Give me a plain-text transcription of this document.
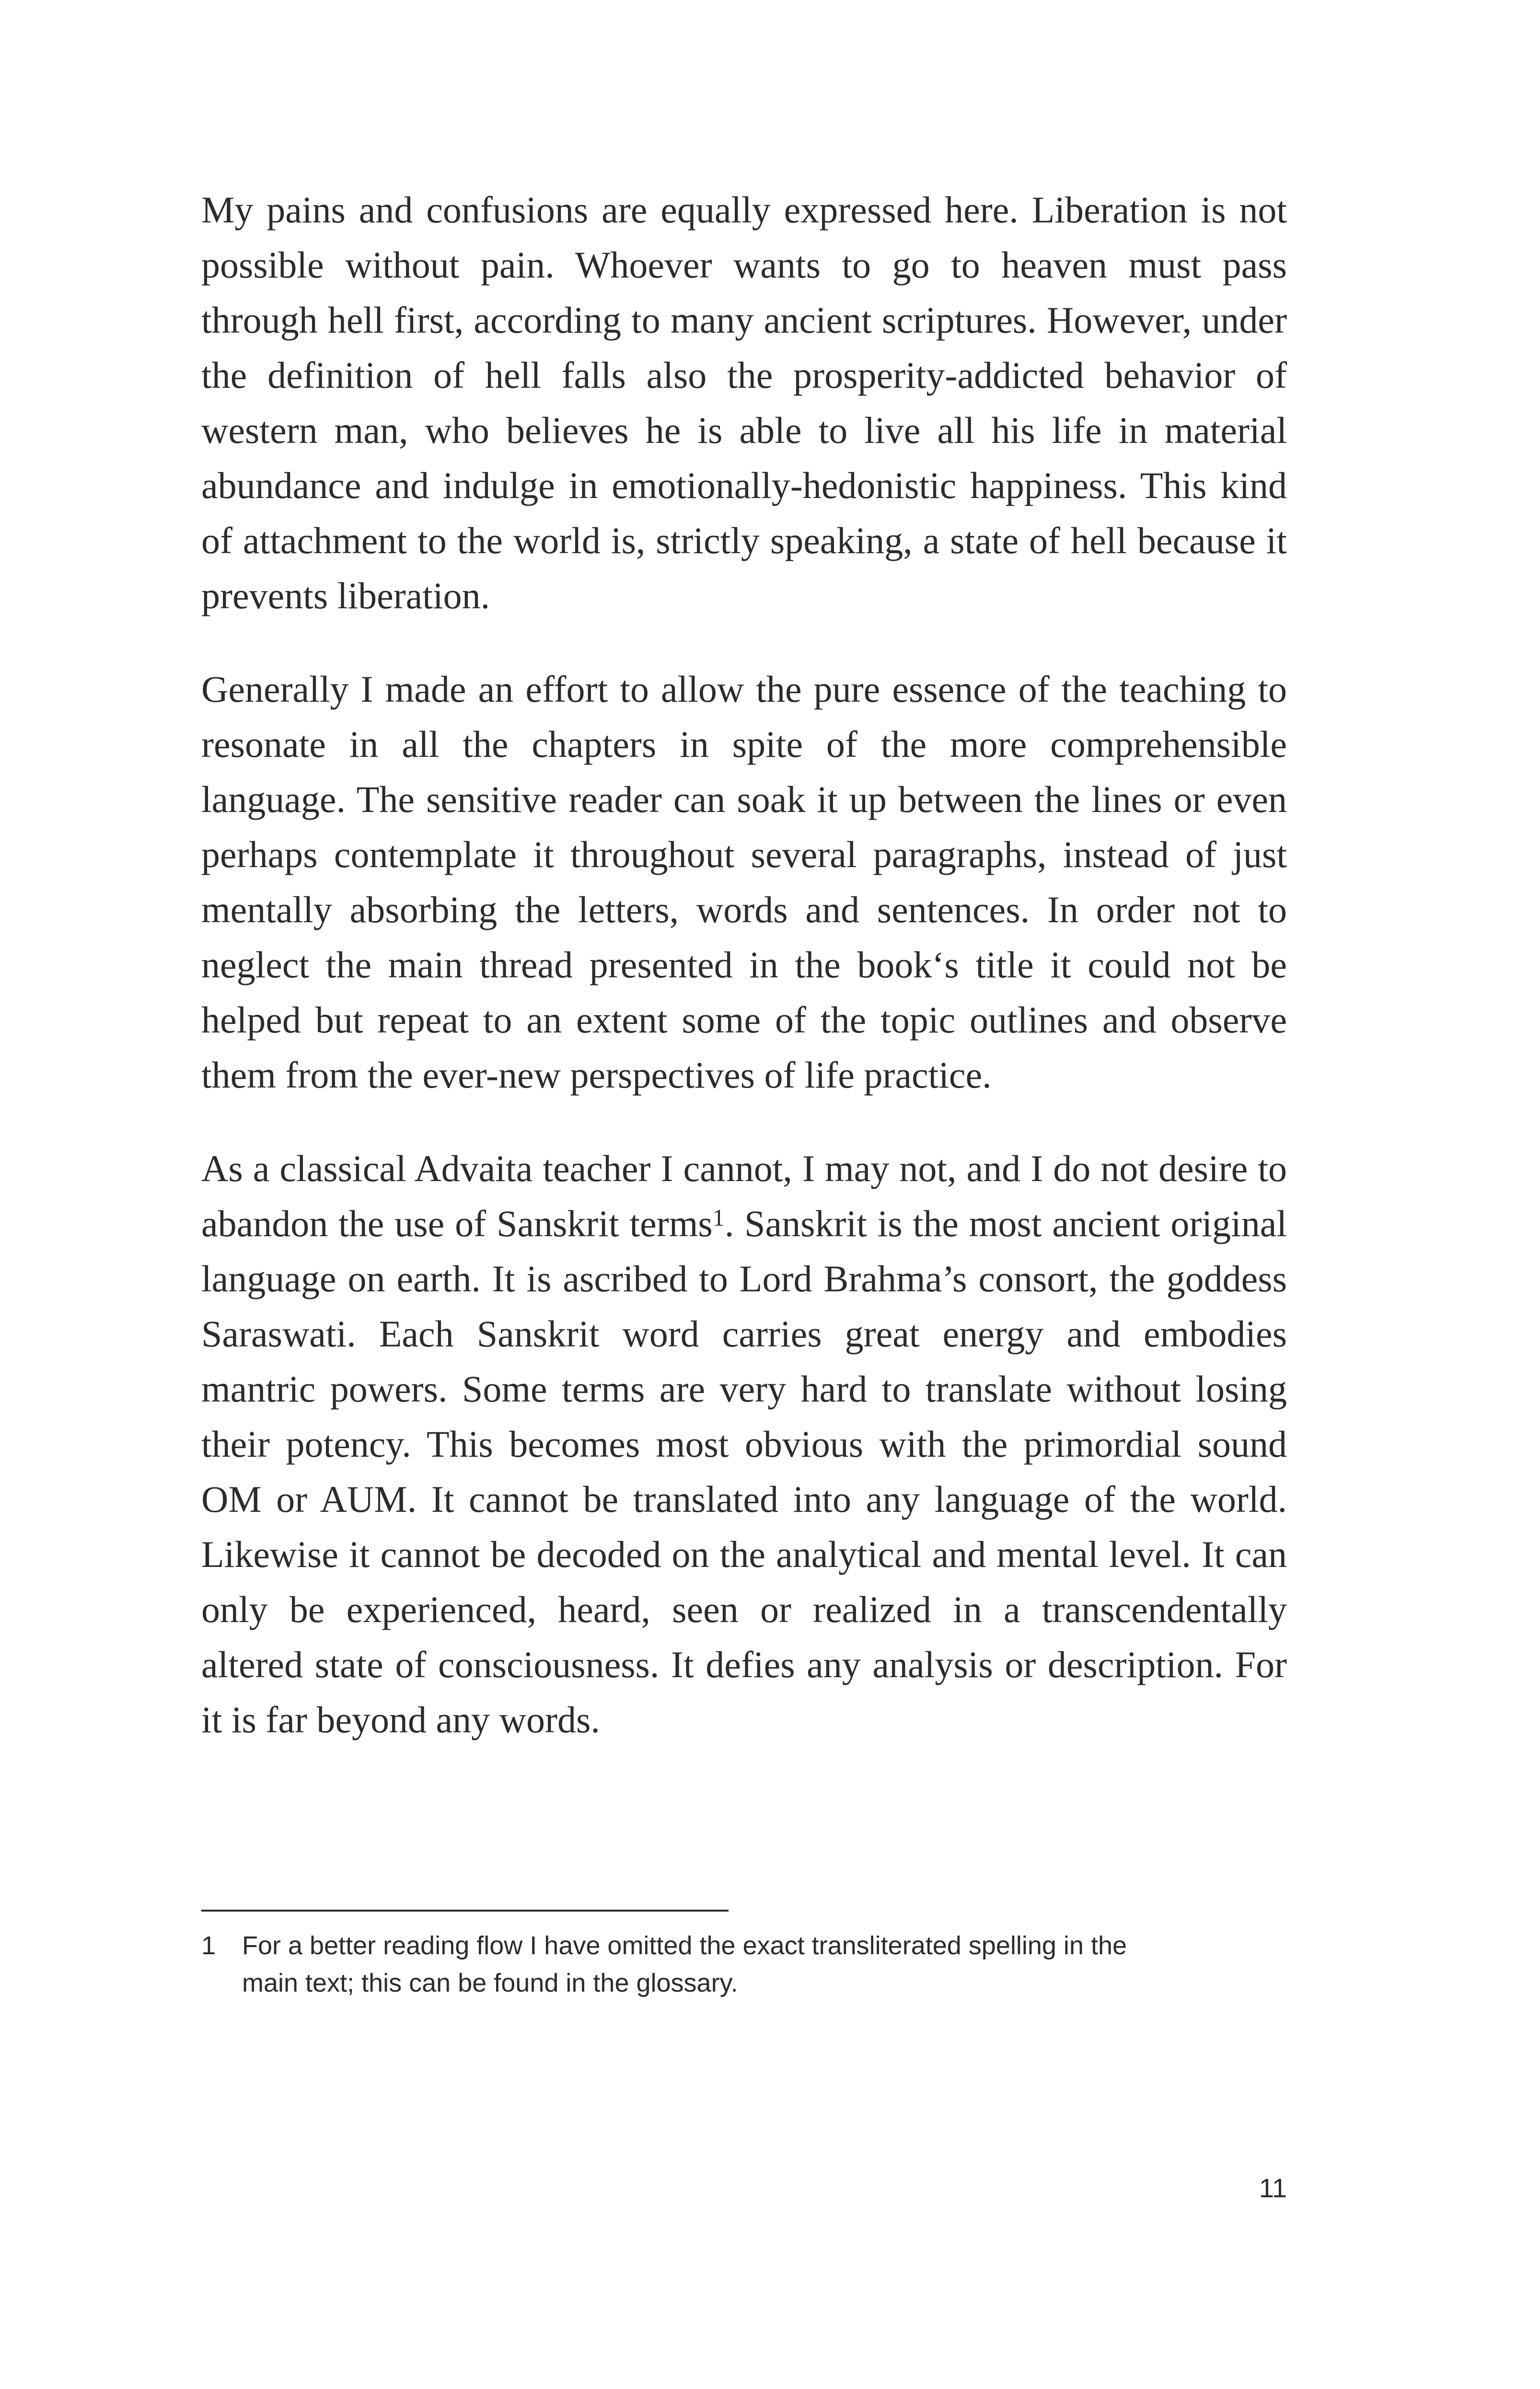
My pains and confusions are equally expressed here. Liberation is not possible without pain. Whoever wants to go to heaven must pass through hell first, according to many ancient scriptures. However, under the definition of hell falls also the prosperity-addicted behavior of western man, who believes he is able to live all his life in material abundance and indulge in emotionally-hedonistic happiness. This kind of attachment to the world is, strictly speaking, a state of hell because it prevents liberation.

Generally I made an effort to allow the pure essence of the teaching to resonate in all the chapters in spite of the more comprehensible language. The sensitive reader can soak it up between the lines or even perhaps contemplate it throughout several paragraphs, instead of just mentally absorbing the letters, words and sentences. In order not to neglect the main thread presented in the book‘s title it could not be helped but repeat to an extent some of the topic outlines and observe them from the ever-new perspectives of life practice.

As a classical Advaita teacher I cannot, I may not, and I do not desire to abandon the use of Sanskrit terms$^1$. Sanskrit is the most ancient original language on earth. It is ascribed to Lord Brahma’s consort, the goddess Saraswati. Each Sanskrit word carries great energy and embodies mantric powers. Some terms are very hard to translate without losing their potency. This becomes most obvious with the primordial sound OM or AUM. It cannot be translated into any language of the world. Likewise it cannot be decoded on the analytical and mental level. It can only be experienced, heard, seen or realized in a transcendentally altered state of consciousness. It defies any analysis or description. For it is far beyond any words.

1 For a better reading flow I have omitted the exact transliterated spelling in the main text; this can be found in the glossary.
11
